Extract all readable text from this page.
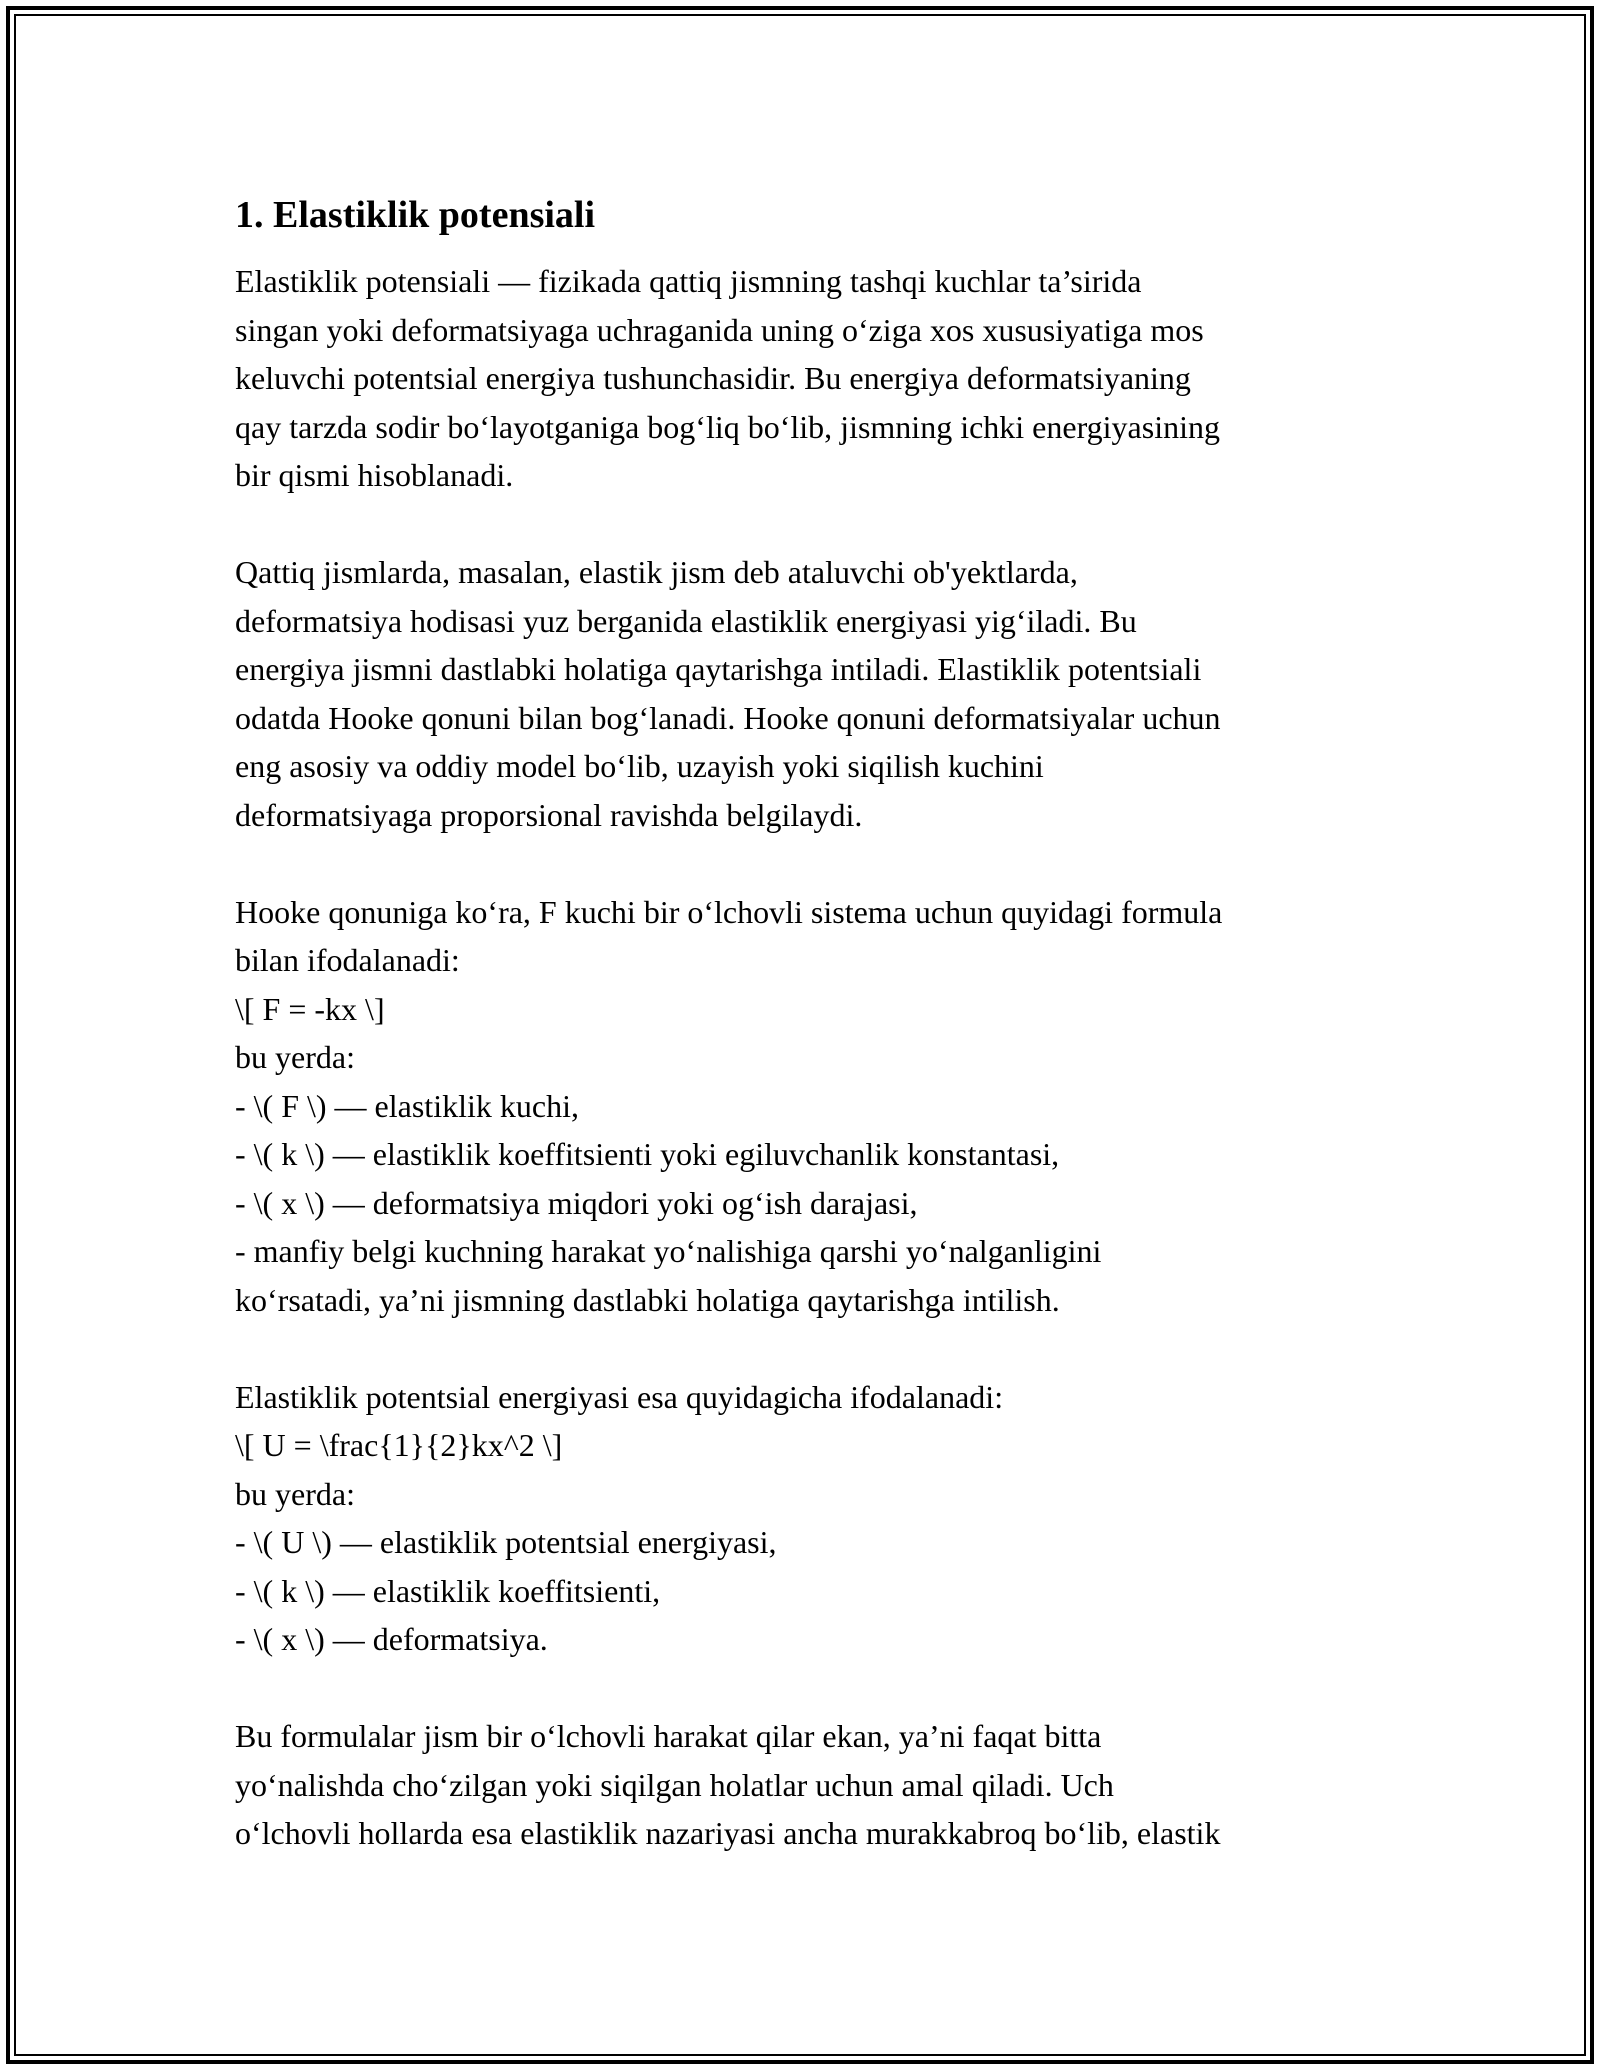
1. Elastiklik potensiali
Elastiklik potensiali — fizikada qattiq jismning tashqi kuchlar ta’sirida
singan yoki deformatsiyaga uchraganida uning o‘ziga xos xususiyatiga mos
keluvchi potentsial energiya tushunchasidir. Bu energiya deformatsiyaning
qay tarzda sodir bo‘layotganiga bog‘liq bo‘lib, jismning ichki energiyasining
bir qismi hisoblanadi.
Qattiq jismlarda, masalan, elastik jism deb ataluvchi ob'yektlarda,
deformatsiya hodisasi yuz berganida elastiklik energiyasi yig‘iladi. Bu
energiya jismni dastlabki holatiga qaytarishga intiladi. Elastiklik potentsiali
odatda Hooke qonuni bilan bog‘lanadi. Hooke qonuni deformatsiyalar uchun
eng asosiy va oddiy model bo‘lib, uzayish yoki siqilish kuchini
deformatsiyaga proporsional ravishda belgilaydi.
Hooke qonuniga ko‘ra, F kuchi bir o‘lchovli sistema uchun quyidagi formula
bilan ifodalanadi:
\[ F = -kx \]
bu yerda:
- \( F \) — elastiklik kuchi,
- \( k \) — elastiklik koeffitsienti yoki egiluvchanlik konstantasi,
- \( x \) — deformatsiya miqdori yoki og‘ish darajasi,
- manfiy belgi kuchning harakat yo‘nalishiga qarshi yo‘nalganligini
ko‘rsatadi, ya’ni jismning dastlabki holatiga qaytarishga intilish.
Elastiklik potentsial energiyasi esa quyidagicha ifodalanadi:
\[ U = \frac{1}{2}kx^2 \]
bu yerda:
- \( U \) — elastiklik potentsial energiyasi,
- \( k \) — elastiklik koeffitsienti,
- \( x \) — deformatsiya.
Bu formulalar jism bir o‘lchovli harakat qilar ekan, ya’ni faqat bitta
yo‘nalishda cho‘zilgan yoki siqilgan holatlar uchun amal qiladi. Uch
o‘lchovli hollarda esa elastiklik nazariyasi ancha murakkabroq bo‘lib, elastik
